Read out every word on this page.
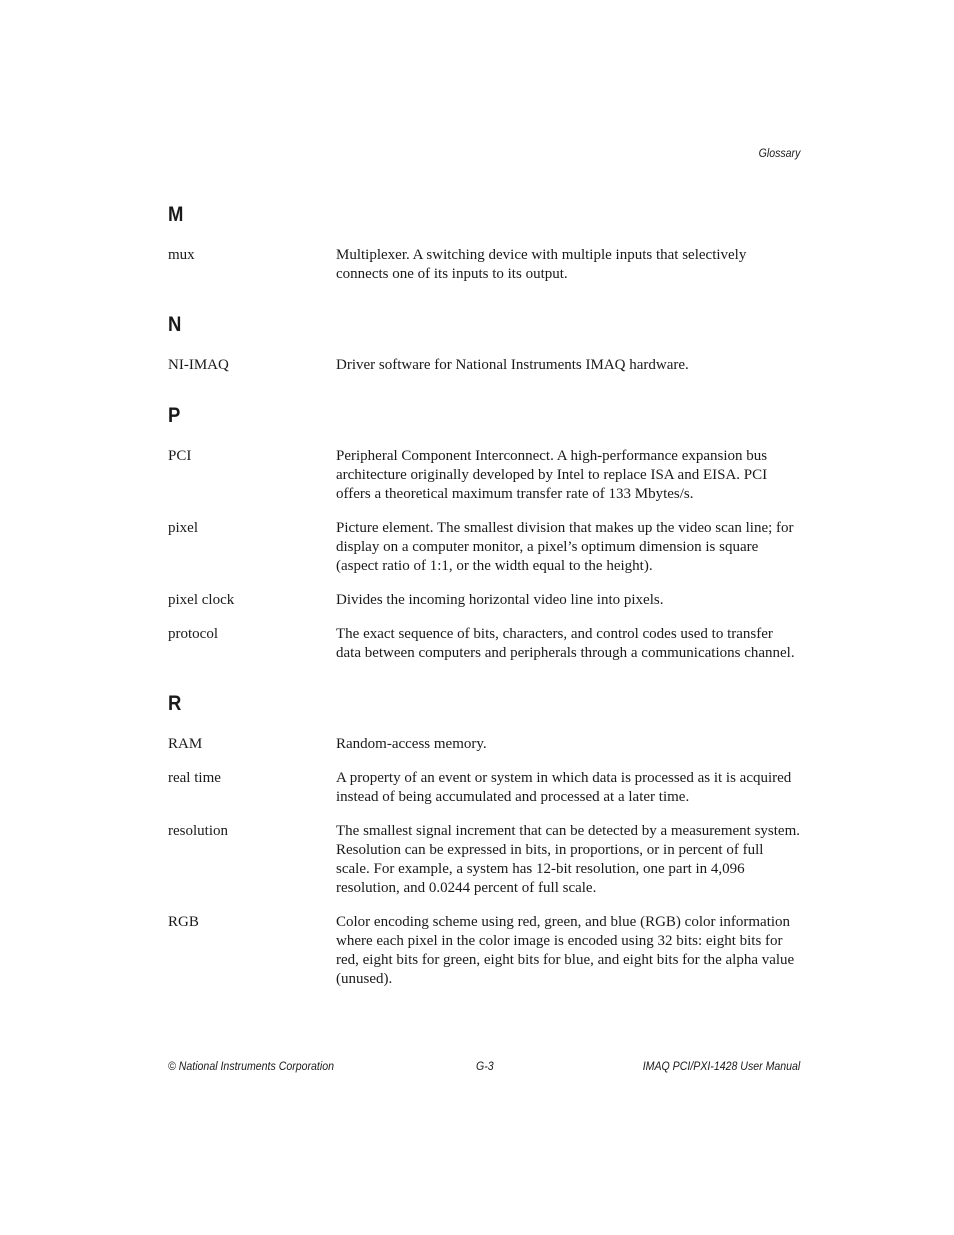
Glossary
M
mux	Multiplexer. A switching device with multiple inputs that selectively connects one of its inputs to its output.
N
NI-IMAQ	Driver software for National Instruments IMAQ hardware.
P
PCI	Peripheral Component Interconnect. A high-performance expansion bus architecture originally developed by Intel to replace ISA and EISA. PCI offers a theoretical maximum transfer rate of 133 Mbytes/s.
pixel	Picture element. The smallest division that makes up the video scan line; for display on a computer monitor, a pixel’s optimum dimension is square (aspect ratio of 1:1, or the width equal to the height).
pixel clock	Divides the incoming horizontal video line into pixels.
protocol	The exact sequence of bits, characters, and control codes used to transfer data between computers and peripherals through a communications channel.
R
RAM	Random-access memory.
real time	A property of an event or system in which data is processed as it is acquired instead of being accumulated and processed at a later time.
resolution	The smallest signal increment that can be detected by a measurement system. Resolution can be expressed in bits, in proportions, or in percent of full scale. For example, a system has 12-bit resolution, one part in 4,096 resolution, and 0.0244 percent of full scale.
RGB	Color encoding scheme using red, green, and blue (RGB) color information where each pixel in the color image is encoded using 32 bits: eight bits for red, eight bits for green, eight bits for blue, and eight bits for the alpha value (unused).
© National Instruments Corporation	G-3	IMAQ PCI/PXI-1428 User Manual
